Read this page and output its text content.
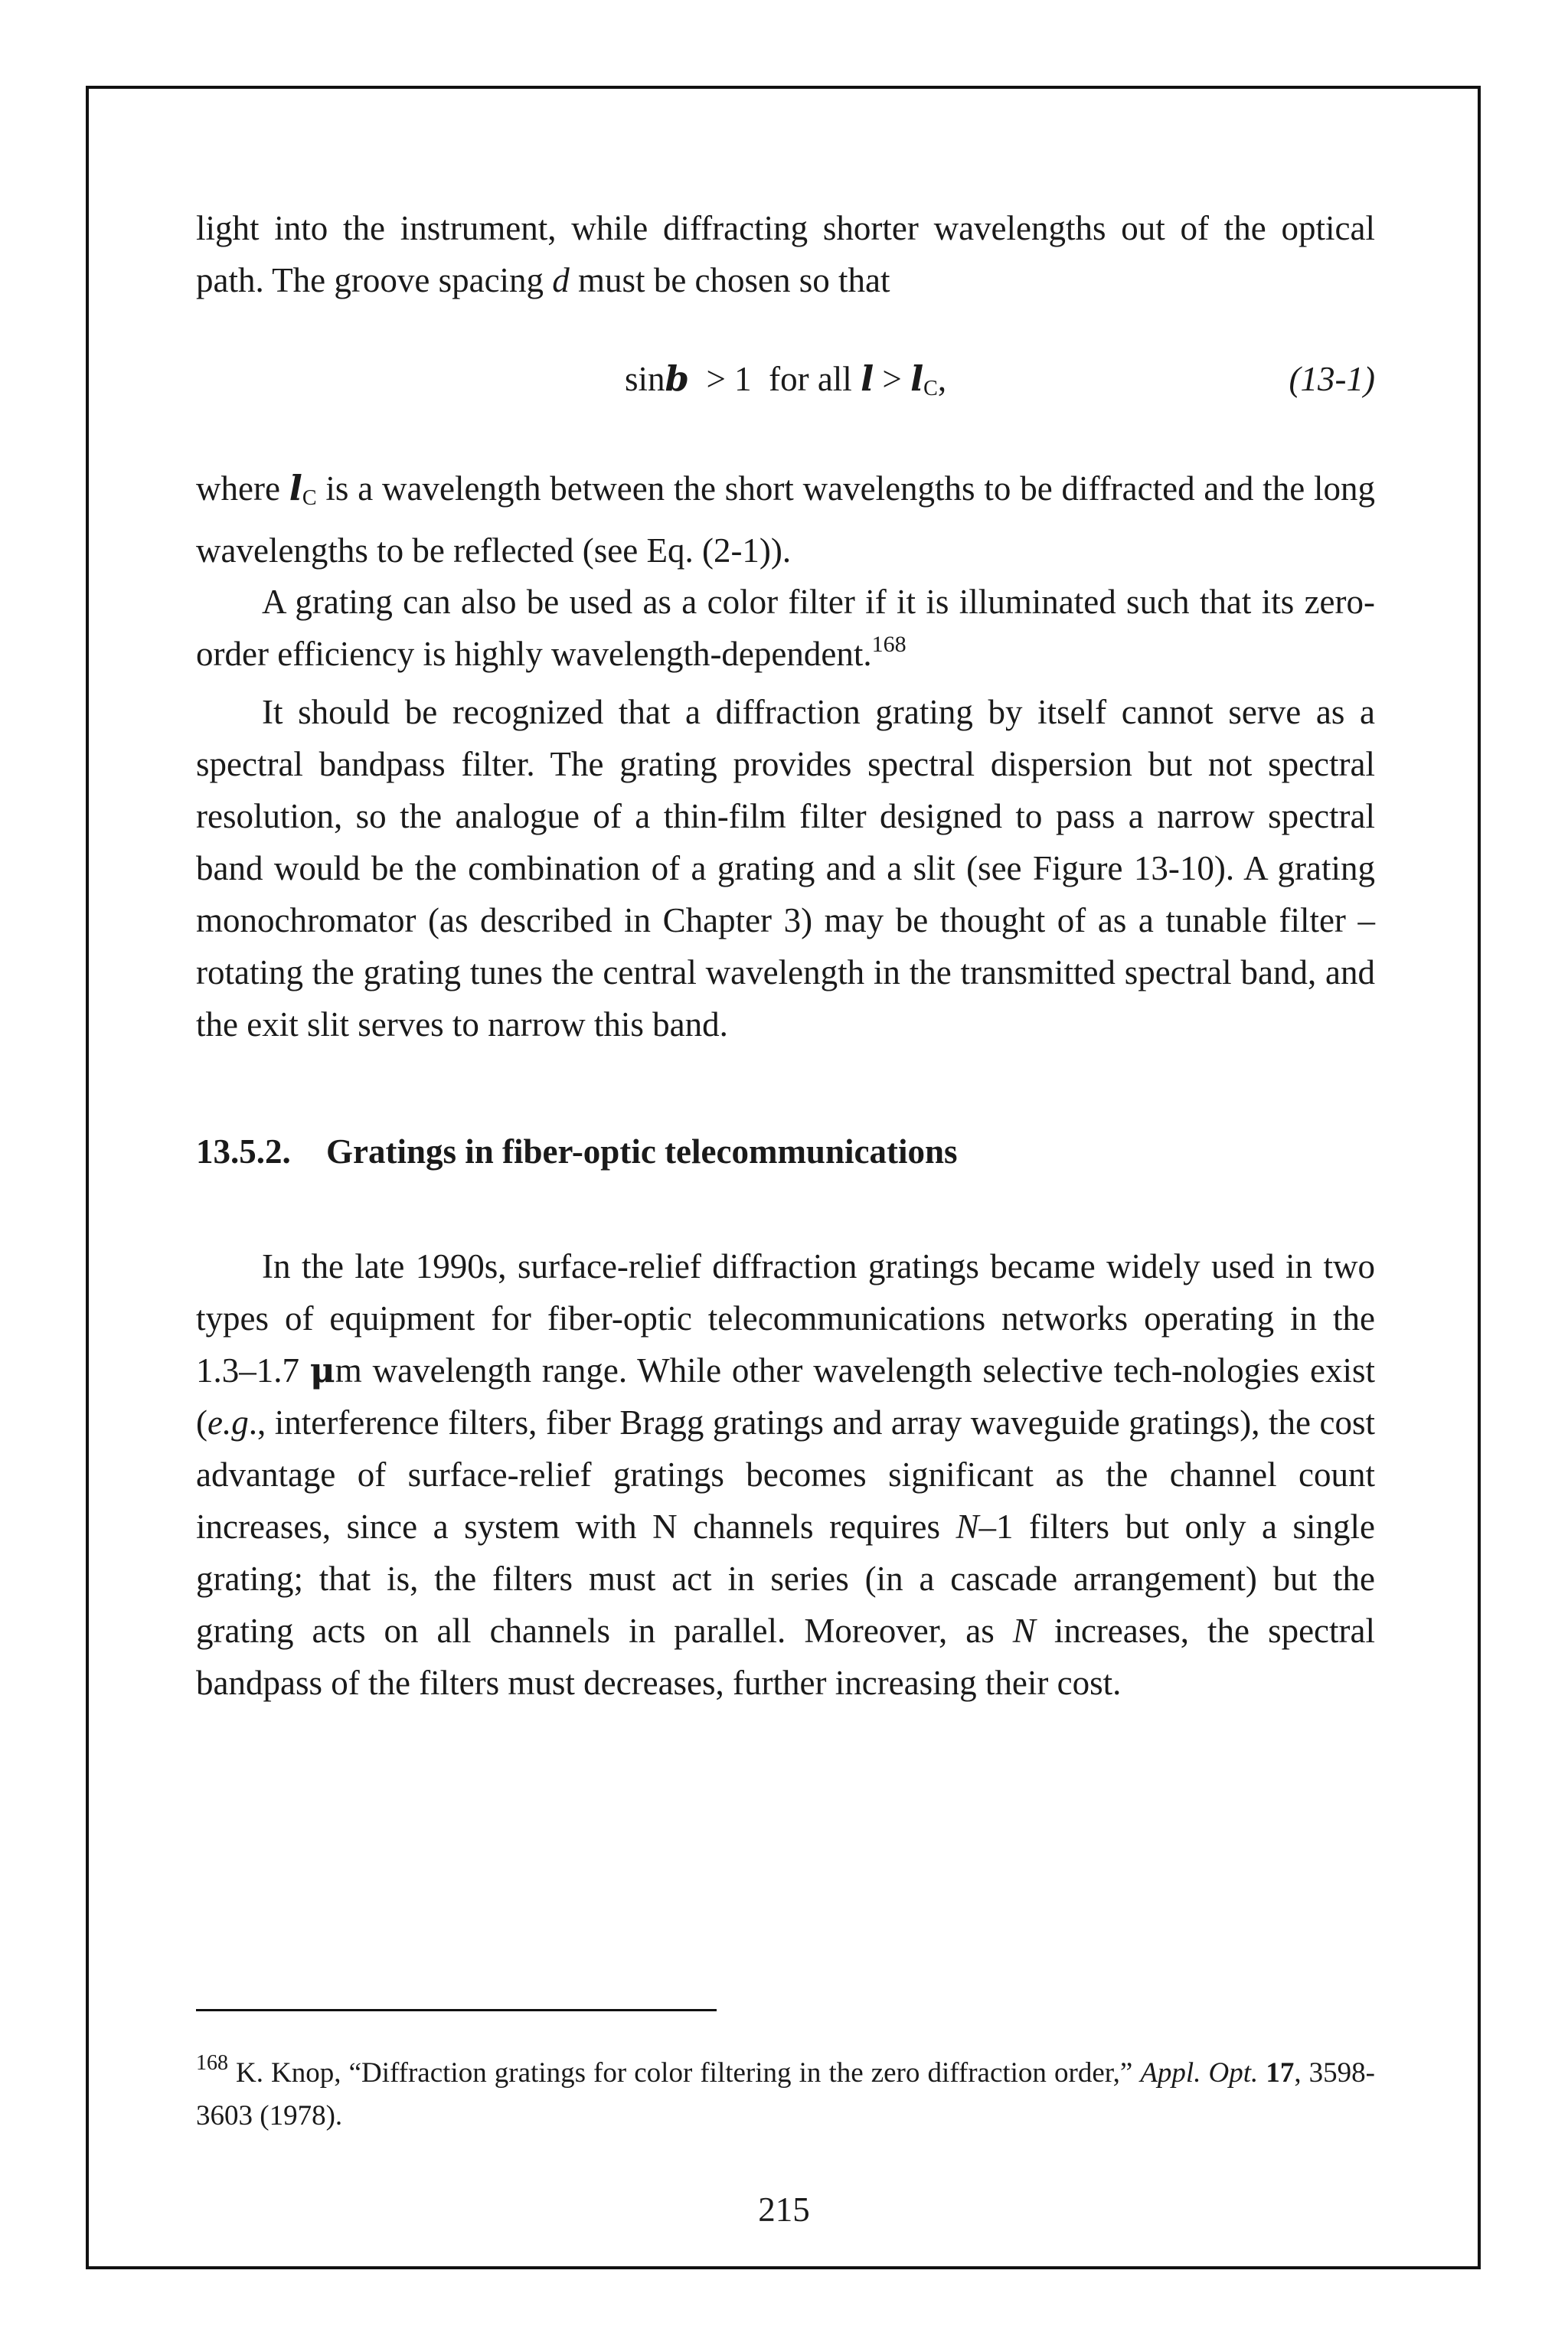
light into the instrument, while diffracting shorter wavelengths out of the optical path. The groove spacing d must be chosen so that

sinb  > 1  for all $l > l_C$,	(13-1)

where $l_C$ is a wavelength between the short wavelengths to be diffracted and the long wavelengths to be reflected (see Eq. (2-1)).

A grating can also be used as a color filter if it is illuminated such that its zero-order efficiency is highly wavelength-dependent.$^{168}$

It should be recognized that a diffraction grating by itself cannot serve as a spectral bandpass filter. The grating provides spectral dispersion but not spectral resolution, so the analogue of a thin-film filter designed to pass a narrow spectral band would be the combination of a grating and a slit (see Figure 13-10). A grating monochromator (as described in Chapter 3) may be thought of as a tunable filter – rotating the grating tunes the central wavelength in the transmitted spectral band, and the exit slit serves to narrow this band.

13.5.2. Gratings in fiber-optic telecommunications

In the late 1990s, surface-relief diffraction gratings became widely used in two types of equipment for fiber-optic telecommunications networks operating in the 1.3–1.7 μm wavelength range. While other wavelength selective tech-nologies exist (e.g., interference filters, fiber Bragg gratings and array waveguide gratings), the cost advantage of surface-relief gratings becomes significant as the channel count increases, since a system with N channels requires N–1 filters but only a single grating; that is, the filters must act in series (in a cascade arrangement) but the grating acts on all channels in parallel. Moreover, as N increases, the spectral bandpass of the filters must decreases, further increasing their cost.

$^{168}$ K. Knop, “Diffraction gratings for color filtering in the zero diffraction order,” Appl. Opt. 17, 3598-3603 (1978).
215
